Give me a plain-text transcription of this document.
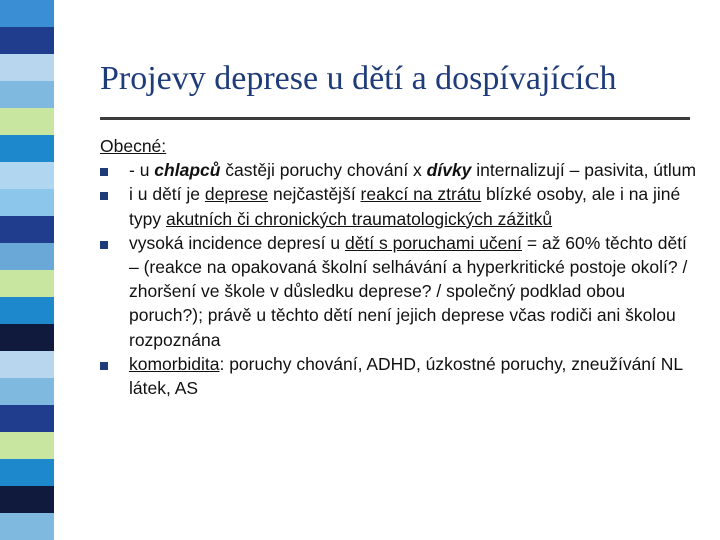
Projevy deprese u dětí a dospívajících
Obecné:
- u chlapců častěji poruchy chování x dívky internalizují – pasivita, útlum
i u dětí je deprese nejčastější reakcí na ztrátu blízké osoby, ale i na jiné typy akutních či chronických traumatologických zážitků
vysoká incidence depresí u dětí s poruchami učení = až 60% těchto dětí – (reakce na opakovaná školní selhávání a hyperkritické postoje okolí? / zhoršení ve škole v důsledku deprese? / společný podklad obou poruch?); právě u těchto dětí není jejich deprese včas rodiči ani školou rozpoznána
komorbidita: poruchy chování, ADHD, úzkostné poruchy, zneužívání NL látek, AS
